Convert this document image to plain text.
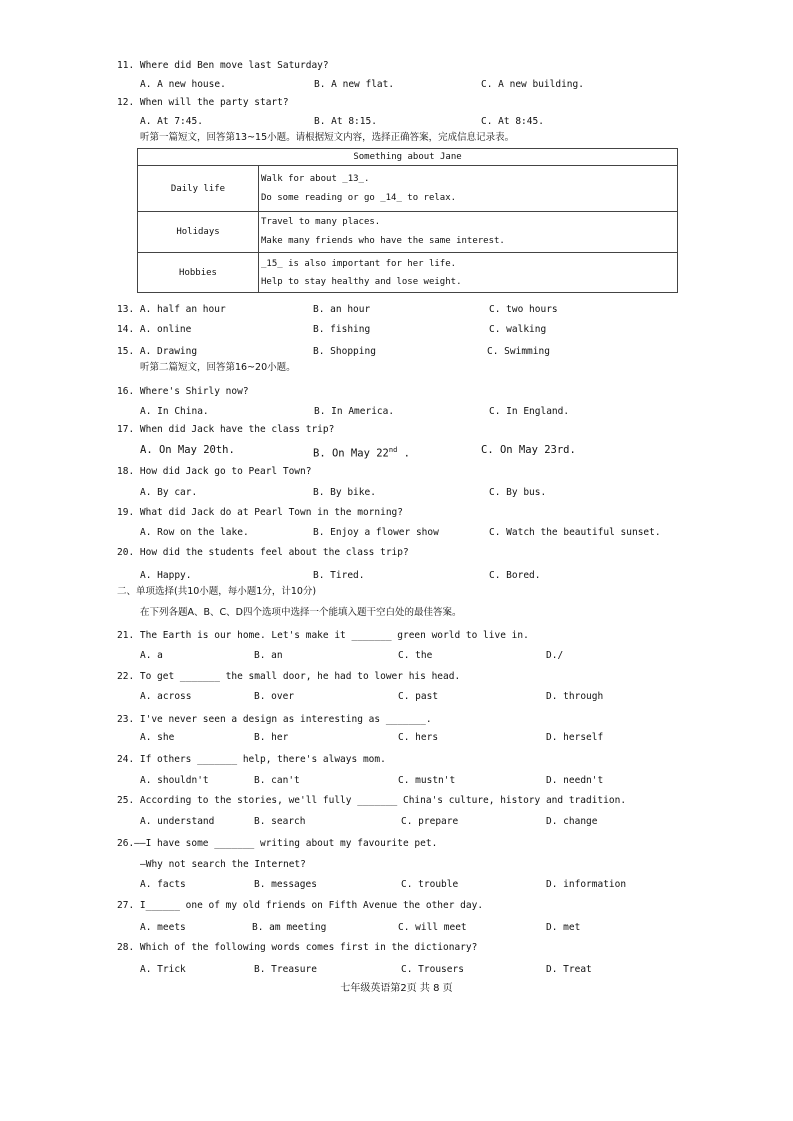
11. Where did Ben move last Saturday?
A. A new house.	B. A new flat.	C. A new building.
12. When will the party start?
A. At 7:45.	B. At 8:15.	C. At 8:45.
听第一篇短文，回答第13~15小题。请根据短文内容，选择正确答案，完成信息记录表。
Something about Jane	
Daily life	Walk for about _13_.
Do some reading or go _14_ to relax.

Holidays	Travel to many places.
Make many friends who have the same interest.

Hobbies	_15_ is also important for her life.
Help to stay healthy and lose weight.
13. A. half an hour	B. an hour	C. two hours
14. A. online	B. fishing	C. walking
15. A. Drawing	B. Shopping	C. Swimming
听第二篇短文，回答第16~20小题。
16. Where's Shirly now?
A. In China.	B. In America.	C. In England.
17. When did Jack have the class trip?
A. On May 20th.	B. On May 22nd .	C. On May 23rd.
18. How did Jack go to Pearl Town?
A. By car.	B. By bike.	C. By bus.
19. What did Jack do at Pearl Town in the morning?
A. Row on the lake.	B. Enjoy a flower show	C. Watch the beautiful sunset.
20. How did the students feel about the class trip?
A. Happy.	B. Tired.	C. Bored.
二、单项选择(共10小题，每小题1分，计10分)
在下列各题A、B、C、D四个选项中选择一个能填入题干空白处的最佳答案。
21. The Earth is our home. Let's make it _______ green world to live in.
A. a	B. an	C. the	D./
22. To get _______ the small door, he had to lower his head.
A. across	B. over	C. past	D. through
23. I've never seen a design as interesting as _______.
A. she	B. her	C. hers	D. herself
24. If others _______ help, there's always mom.
A. shouldn't	B. can't	C. mustn't	D. needn't
25. According to the stories, we'll fully _______ China's culture, history and tradition.
A. understand	B. search	C. prepare	D. change
26.——I have some _______ writing about my favourite pet.
—Why not search the Internet?
A. facts	B. messages	C. trouble	D. information
27. I______ one of my old friends on Fifth Avenue the other day.
A. meets	B. am meeting	C. will meet	D. met
28. Which of the following words comes first in the dictionary?
A. Trick	B. Treasure	C. Trousers	D. Treat
七年级英语第2页 共 8 页
